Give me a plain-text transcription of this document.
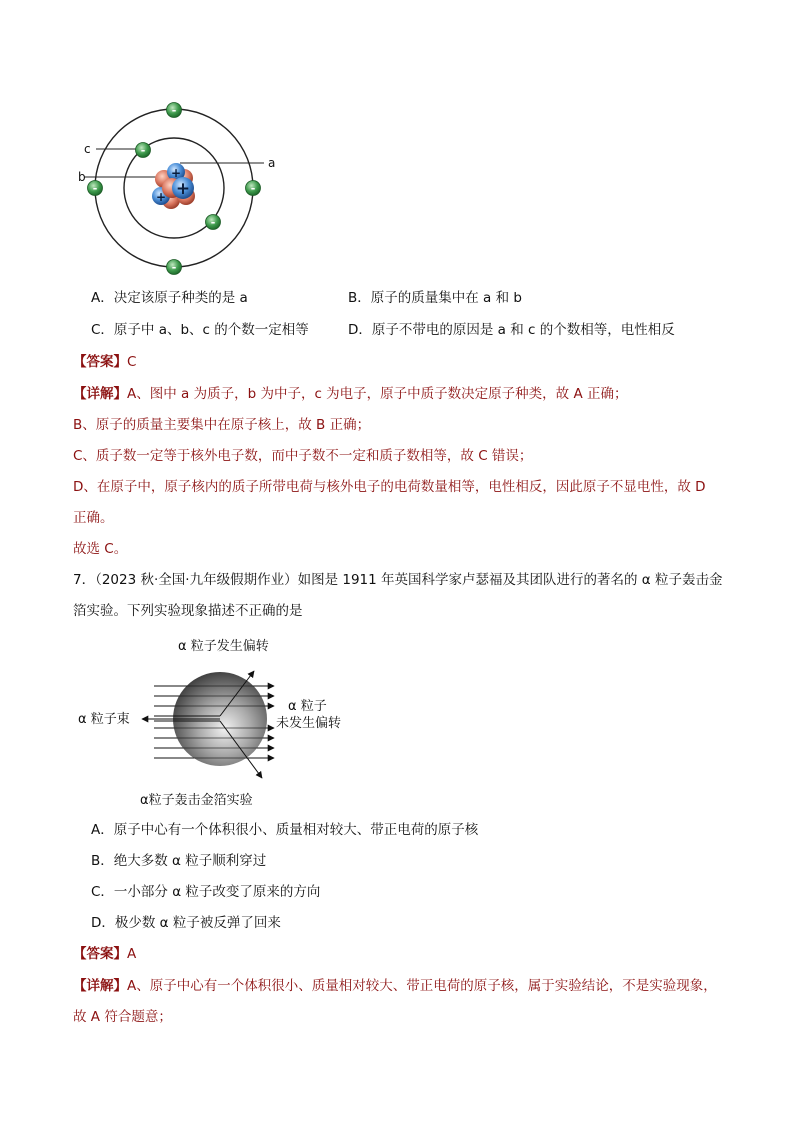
+
+
+
-
-
-	-
-
-
a
b
c
A．决定该原子种类的是 a	B．原子的质量集中在 a 和 b
C．原子中 a、b、c 的个数一定相等	D．原子不带电的原因是 a 和 c 的个数相等，电性相反
【答案】C
【详解】A、图中 a 为质子，b 为中子，c 为电子，原子中质子数决定原子种类，故 A 正确；
B、原子的质量主要集中在原子核上，故 B 正确；
C、质子数一定等于核外电子数，而中子数不一定和质子数相等，故 C 错误；
D、在原子中，原子核内的质子所带电荷与核外电子的电荷数量相等，电性相反，因此原子不显电性，故 D
正确。
故选 C。
7．（2023 秋·全国·九年级假期作业）如图是 1911 年英国科学家卢瑟福及其团队进行的著名的 α 粒子轰击金
箔实验。下列实验现象描述不正确的是
α 粒子发生偏转
α 粒子束
α 粒子
未发生偏转
α粒子轰击金箔实验
A．原子中心有一个体积很小、质量相对较大、带正电荷的原子核
B．绝大多数 α 粒子顺利穿过
C．一小部分 α 粒子改变了原来的方向
D．极少数 α 粒子被反弹了回来
【答案】A
【详解】A、原子中心有一个体积很小、质量相对较大、带正电荷的原子核，属于实验结论，不是实验现象，
故 A 符合题意；
